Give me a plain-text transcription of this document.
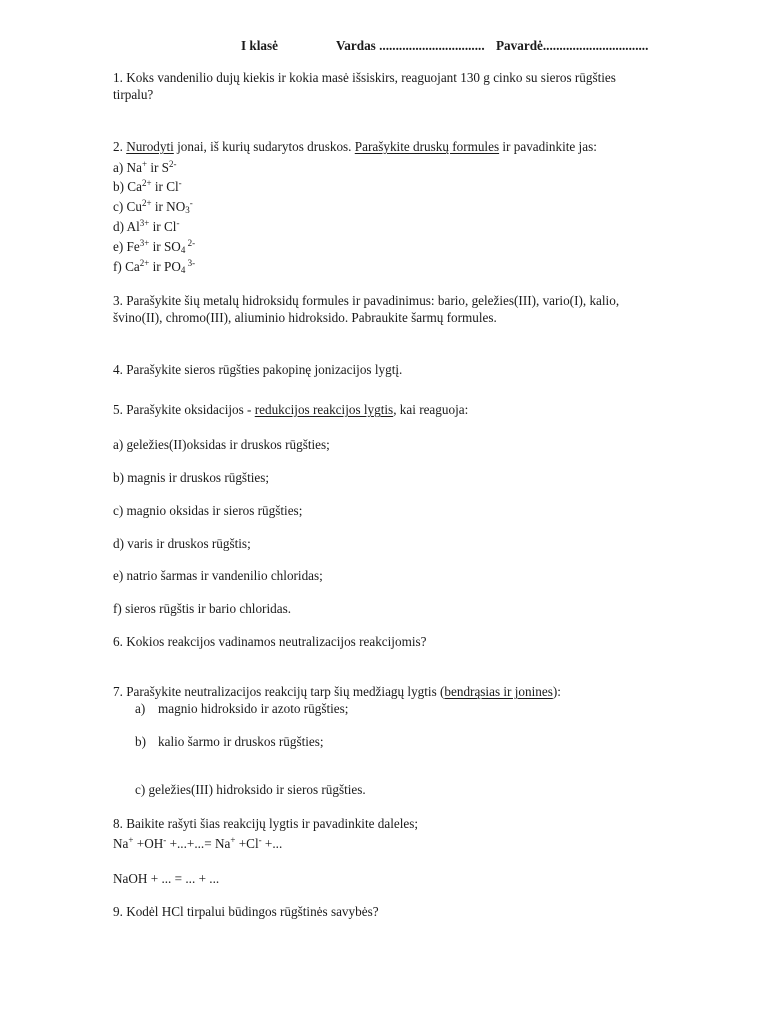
I klasė	Vardas ................................ Pavardė................................
1. Koks vandenilio dujų kiekis ir kokia masė išsiskirs, reaguojant 130 g cinko su sieros rūgšties
tirpalu?
2. Nurodyti jonai, iš kurių sudarytos druskos. Parašykite druskų formules ir pavadinkite jas:
a) Na+ ir $S^{2-}$
b) $Ca^{2+}$ ir Cl-
c) $Cu^{2+}$ ir $NO_3^-$
d) $Al^{3+}$ ir Cl-
e) $Fe^{3+}$ ir $SO_4$ $^{2-}$
f) $Ca^{2+}$ ir $PO_4$ $^{3-}$
3. Parašykite šių metalų hidroksidų formules ir pavadinimus: bario, geležies(III), vario(I), kalio,
švino(II), chromo(III), aliuminio hidroksido. Pabraukite šarmų formules.
4. Parašykite sieros rūgšties pakopinę jonizacijos lygtį.
5. Parašykite oksidacijos - redukcijos reakcijos lygtis, kai reaguoja:
a) geležies(II)oksidas ir druskos rūgšties;
b) magnis ir druskos rūgšties;
c) magnio oksidas ir sieros rūgšties;
d) varis ir druskos rūgštis;
e) natrio šarmas ir vandenilio chloridas;
f) sieros rūgštis ir bario chloridas.
6. Kokios reakcijos vadinamos neutralizacijos reakcijomis?
7. Parašykite neutralizacijos reakcijų tarp šių medžiagų lygtis (bendrąsias ir jonines):
a) magnio hidroksido ir azoto rūgšties;
b) kalio šarmo ir druskos rūgšties;
c) geležies(III) hidroksido ir sieros rūgšties.
8. Baikite rašyti šias reakcijų lygtis ir pavadinkite daleles;
Na+ +OH- +...+...= Na+ +Cl- +...
NaOH + ... = ... + ...
9. Kodėl HCl tirpalui būdingos rūgštinės savybės?
